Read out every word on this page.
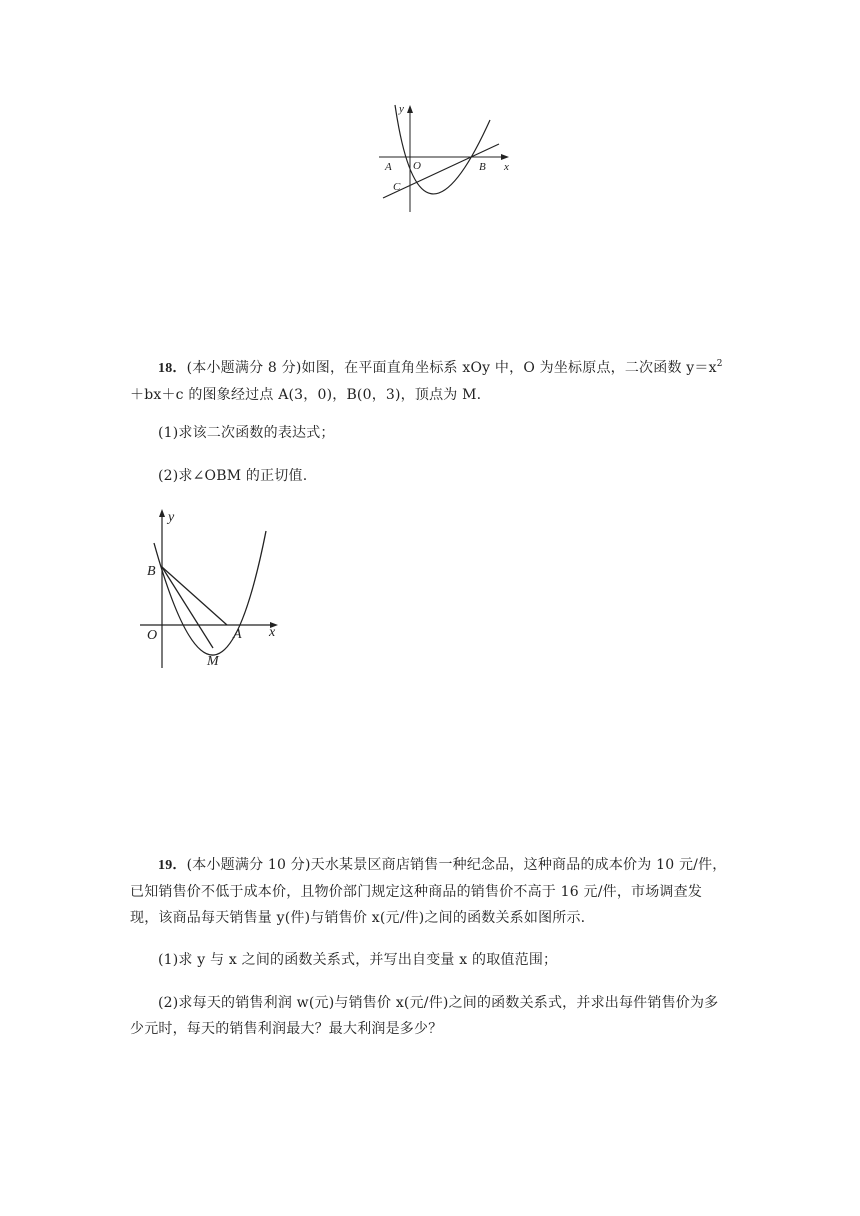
y
x
O
A	B
C

18．(本小题满分 8 分)如图，在平面直角坐标系 xOy 中，O 为坐标原点，二次函数 $y=x^2+bx+c$ 的图象经过点 A(3，0)，B(0，3)，顶点为 M.

(1)求该二次函数的表达式；

(2)求∠OBM 的正切值.

y
x
O
B
A
M

19．(本小题满分 10 分)天水某景区商店销售一种纪念品，这种商品的成本价为 10 元/件，已知销售价不低于成本价，且物价部门规定这种商品的销售价不高于 16 元/件，市场调查发现，该商品每天销售量 y(件)与销售价 x(元/件)之间的函数关系如图所示.

(1)求 y 与 x 之间的函数关系式，并写出自变量 x 的取值范围；

(2)求每天的销售利润 w(元)与销售价 x(元/件)之间的函数关系式，并求出每件销售价为多少元时，每天的销售利润最大？最大利润是多少？
